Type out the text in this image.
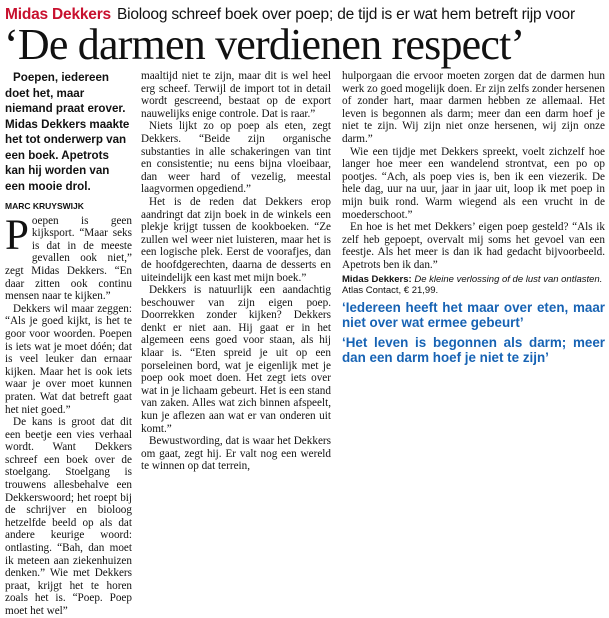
Midas Dekkers Bioloog schreef boek over poep; de tijd is er wat hem betreft rijp voor
‘De darmen verdienen respect’

Poepen, iedereen doet het, maar niemand praat erover. Midas Dekkers maakte het tot onderwerp van een boek. Apetrots kan hij worden van een mooie drol.

MARC KRUYSWIJK

Poepen is geen kijksport. “Maar seks is dat in de meeste gevallen ook niet,” zegt Midas Dekkers. “En daar zitten ook continu mensen naar te kijken.”

Dekkers wil maar zeggen: “Als je goed kijkt, is het te goor voor woorden. Poepen is iets wat je moet dóén; dat is veel leuker dan ernaar kijken. Maar het is ook iets waar je over moet kunnen praten. Wat dat betreft gaat het niet goed.”

De kans is groot dat dit een beetje een vies verhaal wordt. Want Dekkers schreef een boek over de stoelgang. Stoelgang is trouwens allesbehalve een Dekkerswoord; het roept bij de schrijver en bioloog hetzelfde beeld op als dat andere keurige woord: ontlasting. “Bah, dan moet ik meteen aan ziekenhuizen denken.” Wie met Dekkers praat, krijgt het te horen zoals het is. “Poep. Poep moet het wel”

maaltijd niet te zijn, maar dit is wel heel erg scheef. Terwijl de import tot in detail wordt gescreend, bestaat op de export nauwelijks enige controle. Dat is raar.”

Niets lijkt zo op poep als eten, zegt Dekkers. “Beide zijn organische substanties in alle schakeringen van tint en consistentie; nu eens bijna vloeibaar, dan weer hard of vezelig, meestal laagvormen opgediend.”

Het is de reden dat Dekkers erop aandringt dat zijn boek in de winkels een plekje krijgt tussen de kookboeken. “Ze zullen wel weer niet luisteren, maar het is een logische plek. Eerst de voorafjes, dan de hoofdgerechten, daarna de desserts en uiteindelijk een kast met mijn boek.”

Dekkers is natuurlijk een aandachtig beschouwer van zijn eigen poep. Doorrekken zonder kijken? Dekkers denkt er niet aan. Hij gaat er in het algemeen eens goed voor staan, als hij klaar is. “Eten spreid je uit op een porseleinen bord, wat je eigenlijk met je poep ook moet doen. Het zegt iets over wat in je lichaam gebeurt. Het is een stand van zaken. Alles wat zich binnen afspeelt, kun je aflezen aan wat er van onderen uit komt.”

Bewustwording, dat is waar het Dekkers om gaat, zegt hij. Er valt nog een wereld te winnen op dat terrein,

hulporgaan die ervoor moeten zorgen dat de darmen hun werk zo goed mogelijk doen. Er zijn zelfs zonder hersenen of zonder hart, maar darmen hebben ze allemaal. Het leven is begonnen als darm; meer dan een darm hoef je niet te zijn. Wij zijn niet onze hersenen, wij zijn onze darm.”

Wie een tijdje met Dekkers spreekt, voelt zichzelf hoe langer hoe meer een wandelend strontvat, een po op pootjes. “Ach, als poep vies is, ben ik een viezerik. De hele dag, uur na uur, jaar in jaar uit, loop ik met poep in mijn buik rond. Warm wiegend als een vrucht in de moederschoot.”

En hoe is het met Dekkers’ eigen poep gesteld? “Als ik zelf heb gepoept, overvalt mij soms het gevoel van een feestje. Als het meer is dan ik had gedacht bijvoorbeeld. Apetrots ben ik dan.”

Midas Dekkers: De kleine verlossing of de lust van ontlasten.
Atlas Contact, € 21,99.
‘Iedereen heeft het maar over eten, maar niet over wat ermee gebeurt’
‘Het leven is begonnen als darm; meer dan een darm hoef je niet te zijn’
